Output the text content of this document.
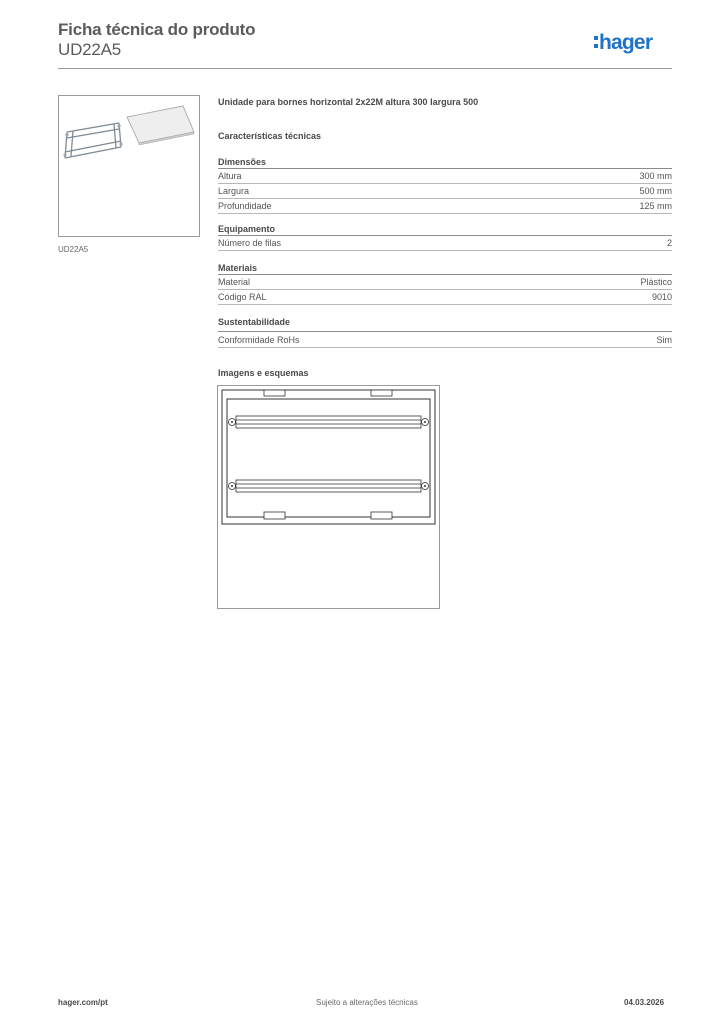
Ficha técnica do produto
UD22A5	hager
UD22A5
Unidade para bornes horizontal 2x22M altura 300 largura 500
Características técnicas
Dimensões
Altura	300 mm
Largura	500 mm
Profundidade	125 mm
Equipamento
Número de filas	2
Materiais
Material	Plástico
Código RAL	9010
Sustentabilidade
Conformidade RoHs	Sim
Imagens e esquemas
hager.com/pt	Sujeito a alterações técnicas	04.03.2026
